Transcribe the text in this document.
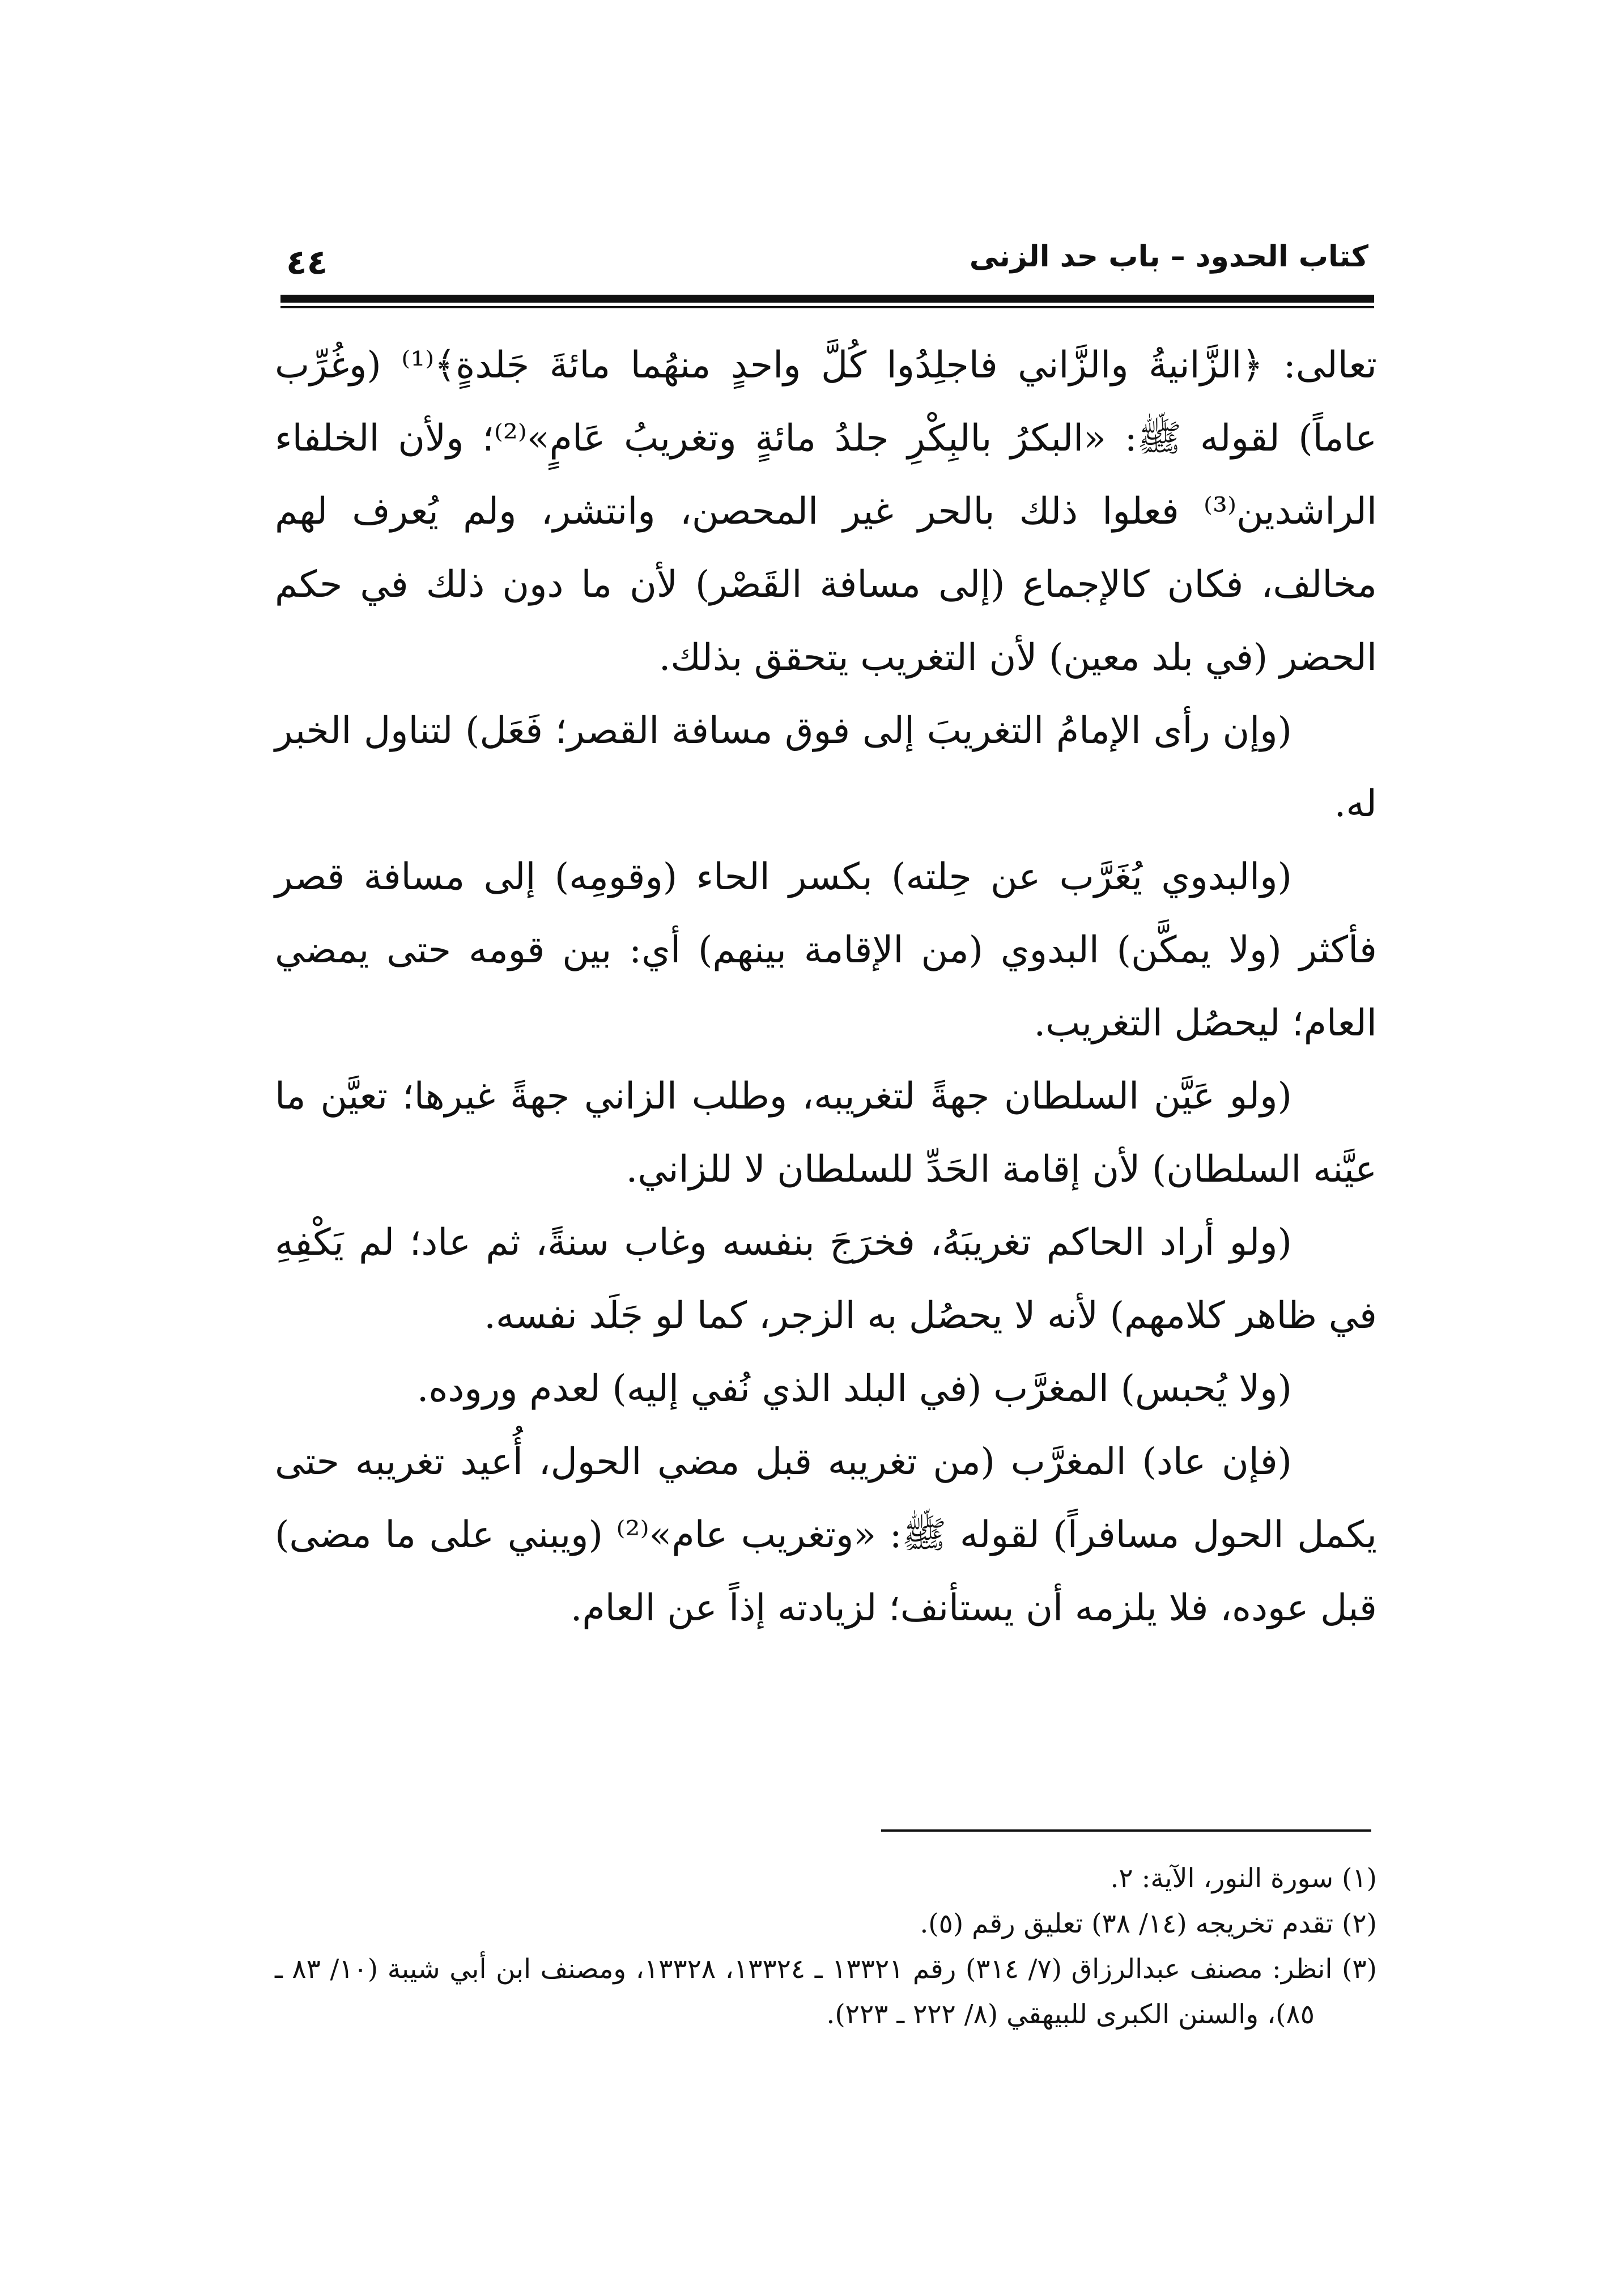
كتاب الحدود – باب حد الزنى
٤٤

تعالى: ﴿الزَّانيةُ والزَّاني فاجلِدُوا كُلَّ واحدٍ منهُما مائةَ جَلدةٍ﴾⁽¹⁾ (وغُرِّب عاماً) لقوله ﷺ: «البكرُ بالبِكْرِ جلدُ مائةٍ وتغريبُ عَامٍ»⁽²⁾؛ ولأن الخلفاء الراشدين⁽³⁾ فعلوا ذلك بالحر غير المحصن، وانتشر، ولم يُعرف لهم مخالف، فكان كالإجماع (إلى مسافة القَصْر) لأن ما دون ذلك في حكم الحضر (في بلد معين) لأن التغريب يتحقق بذلك.

(وإن رأى الإمامُ التغريبَ إلى فوق مسافة القصر؛ فَعَل) لتناول الخبر له.

(والبدوي يُغَرَّب عن حِلته) بكسر الحاء (وقومِه) إلى مسافة قصر فأكثر (ولا يمكَّن) البدوي (من الإقامة بينهم) أي: بين قومه حتى يمضي العام؛ ليحصُل التغريب.

(ولو عَيَّن السلطان جهةً لتغريبه، وطلب الزاني جهةً غيرها؛ تعيَّن ما عيَّنه السلطان) لأن إقامة الحَدِّ للسلطان لا للزاني.

(ولو أراد الحاكم تغريبَهُ، فخرَجَ بنفسه وغاب سنةً، ثم عاد؛ لم يَكْفِهِ في ظاهر كلامهم) لأنه لا يحصُل به الزجر، كما لو جَلَد نفسه.

(ولا يُحبس) المغرَّب (في البلد الذي نُفي إليه) لعدم وروده.

(فإن عاد) المغرَّب (من تغريبه قبل مضي الحول، أُعيد تغريبه حتى يكمل الحول مسافراً) لقوله ﷺ: «وتغريب عام»⁽²⁾ (ويبني على ما مضى) قبل عوده، فلا يلزمه أن يستأنف؛ لزيادته إذاً عن العام.

(١) سورة النور، الآية: ٢.

(٢) تقدم تخريجه (١٤/ ٣٨) تعليق رقم (٥).

(٣) انظر: مصنف عبدالرزاق (٧/ ٣١٤) رقم ١٣٣٢١ ـ ١٣٣٢٤، ١٣٣٢٨، ومصنف ابن أبي شيبة (١٠/ ٨٣ ـ ٨٥)، والسنن الكبرى للبيهقي (٨/ ٢٢٢ ـ ٢٢٣).
